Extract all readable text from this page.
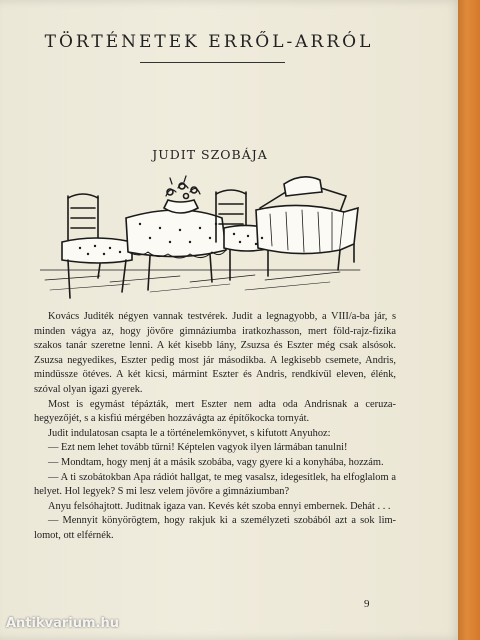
TÖRTÉNETEK ERRŐL-ARRÓL
JUDIT SZOBÁJA

Kovács Juditék négyen vannak testvérek. Judit a legnagyobb, a VIII/a-ba jár, s minden vágya az, hogy jövőre gimnáziumba iratkozhasson, mert föld-rajz-fizika szakos tanár szeretne lenni. A két kisebb lány, Zsuzsa és Eszter még csak alsósok. Zsuzsa negyedikes, Eszter pedig most jár másodikba. A legkisebb csemete, Andris, mindüssze ötéves. A két kicsi, mármint Eszter és Andris, rendkívül eleven, élénk, szóval olyan igazi gyerek.

Most is egymást tépázták, mert Eszter nem adta oda Andrisnak a ceruza-hegyezőjét, s a kisfiú mérgében hozzávágta az építőkocka tornyát.

Judit indulatosan csapta le a történelemkönyvet, s kifutott Anyuhoz:

— Ezt nem lehet tovább tűrni! Képtelen vagyok ilyen lármában tanulni!

— Mondtam, hogy menj át a másik szobába, vagy gyere ki a konyhába, hozzám.

— A ti szobátokban Apa rádiót hallgat, te meg vasalsz, idegesítlek, ha elfoglalom a helyet. Hol legyek? S mi lesz velem jövőre a gimnáziumban?

Anyu felsóhajtott. Juditnak igaza van. Kevés két szoba ennyi embernek. Dehát . . .

— Mennyit könyörögtem, hogy rakjuk ki a személyzeti szobából azt a sok lim-lomot, ott elférnék.

9
Antikvarium.hu
